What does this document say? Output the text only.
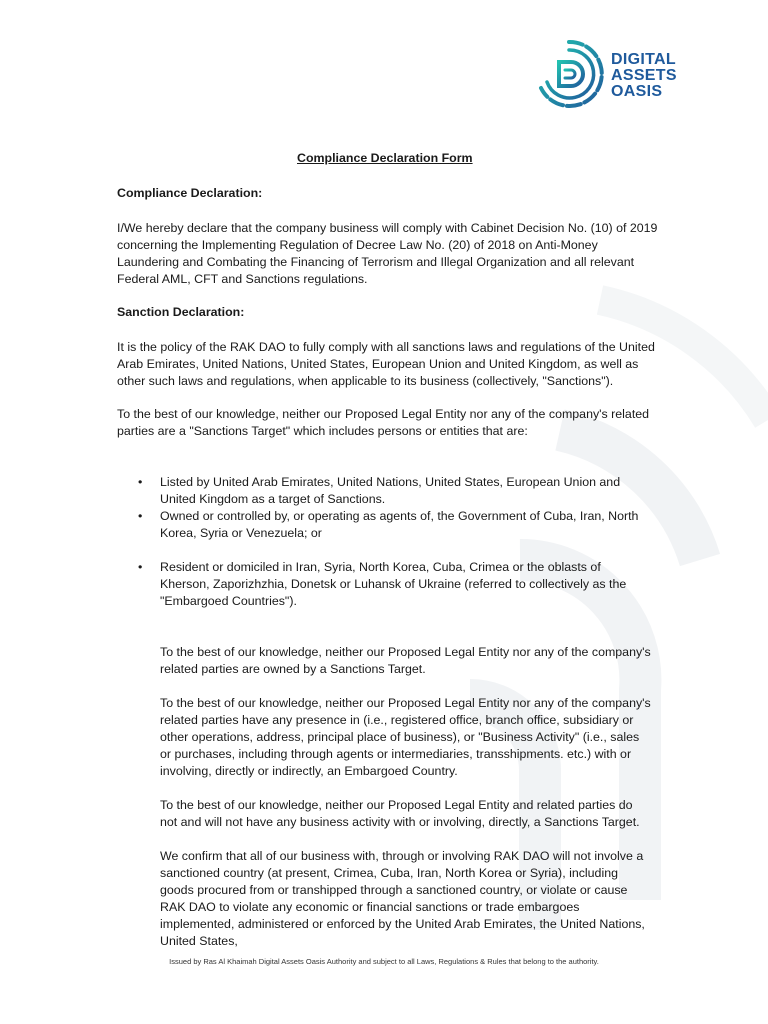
DIGITAL
ASSETS
OASIS
Compliance Declaration Form
Compliance Declaration:

I/We hereby declare that the company business will comply with Cabinet Decision No. (10) of 2019 concerning the Implementing Regulation of Decree Law No. (20) of 2018 on Anti-Money Laundering and Combating the Financing of Terrorism and Illegal Organization and all relevant Federal AML, CFT and Sanctions regulations.

Sanction Declaration:

It is the policy of the RAK DAO to fully comply with all sanctions laws and regulations of the United Arab Emirates, United Nations, United States, European Union and United Kingdom, as well as other such laws and regulations, when applicable to its business (collectively, "Sanctions").

To the best of our knowledge, neither our Proposed Legal Entity nor any of the company's related parties are a "Sanctions Target" which includes persons or entities that are:

• Listed by United Arab Emirates, United Nations, United States, European Union and United Kingdom as a target of Sanctions.
• Owned or controlled by, or operating as agents of, the Government of Cuba, Iran, North Korea, Syria or Venezuela; or
• Resident or domiciled in Iran, Syria, North Korea, Cuba, Crimea or the oblasts of Kherson, Zaporizhzhia, Donetsk or Luhansk of Ukraine (referred to collectively as the "Embargoed Countries").

To the best of our knowledge, neither our Proposed Legal Entity nor any of the company's related parties are owned by a Sanctions Target.

To the best of our knowledge, neither our Proposed Legal Entity nor any of the company's related parties have any presence in (i.e., registered office, branch office, subsidiary or other operations, address, principal place of business), or "Business Activity" (i.e., sales or purchases, including through agents or intermediaries, transshipments. etc.) with or involving, directly or indirectly, an Embargoed Country.

To the best of our knowledge, neither our Proposed Legal Entity and related parties do not and will not have any business activity with or involving, directly, a Sanctions Target.

We confirm that all of our business with, through or involving RAK DAO will not involve a sanctioned country (at present, Crimea, Cuba, Iran, North Korea or Syria), including goods procured from or transhipped through a sanctioned country, or violate or cause RAK DAO to violate any economic or financial sanctions or trade embargoes implemented, administered or enforced by the United Arab Emirates, the United Nations, United States,

Issued by Ras Al Khaimah Digital Assets Oasis Authority and subject to all Laws, Regulations & Rules that belong to the authority.
